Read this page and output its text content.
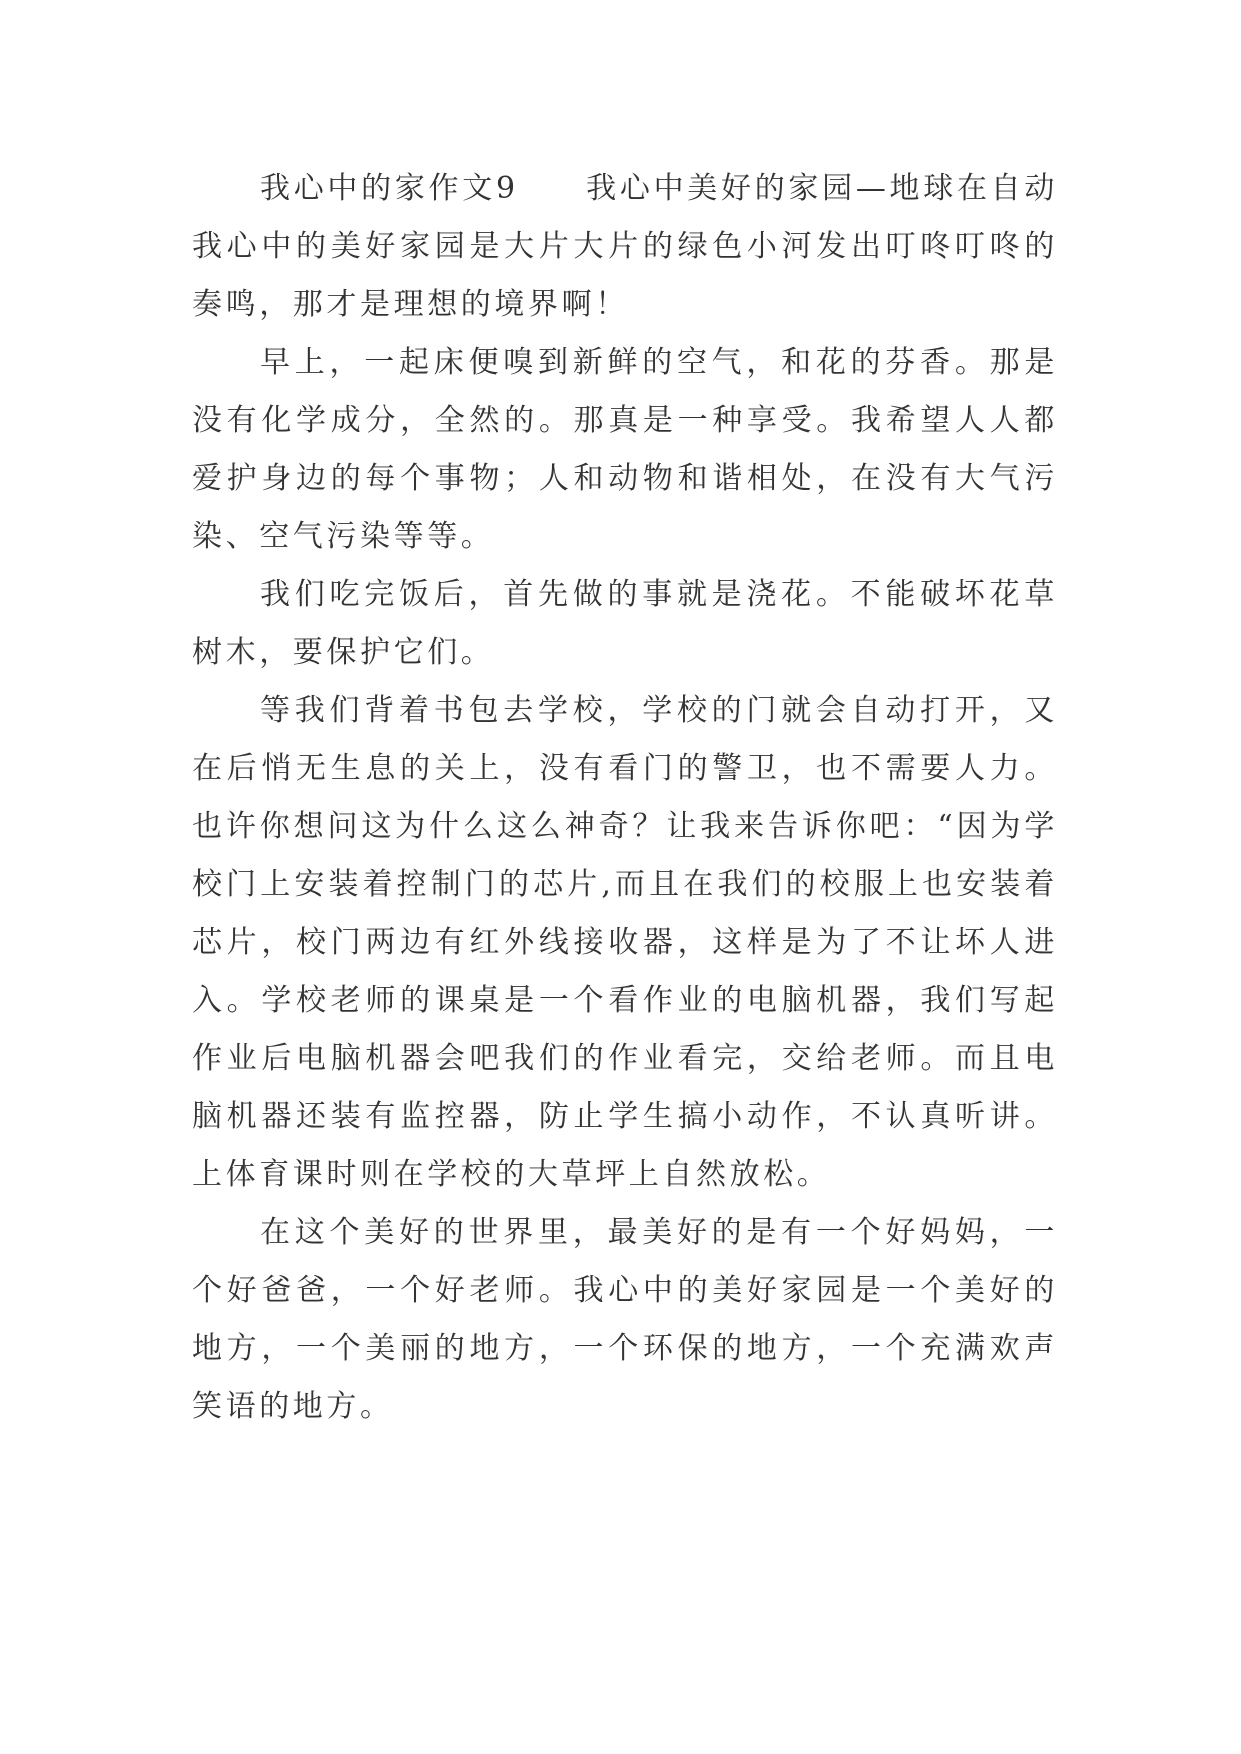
我心中的家作文9　　我心中美好的家园—地球在自动我心中的美好家园是大片大片的绿色小河发出叮咚叮咚的奏鸣，那才是理想的境界啊！

早上，一起床便嗅到新鲜的空气，和花的芬香。那是没有化学成分，全然的。那真是一种享受。我希望人人都爱护身边的每个事物；人和动物和谐相处，在没有大气污染、空气污染等等。

我们吃完饭后，首先做的事就是浇花。不能破坏花草树木，要保护它们。

等我们背着书包去学校，学校的门就会自动打开，又在后悄无生息的关上，没有看门的警卫，也不需要人力。也许你想问这为什么这么神奇？让我来告诉你吧：“因为学校门上安装着控制门的芯片,而且在我们的校服上也安装着芯片，校门两边有红外线接收器，这样是为了不让坏人进入。学校老师的课桌是一个看作业的电脑机器，我们写起作业后电脑机器会吧我们的作业看完，交给老师。而且电脑机器还装有监控器，防止学生搞小动作，不认真听讲。上体育课时则在学校的大草坪上自然放松。

在这个美好的世界里，最美好的是有一个好妈妈，一个好爸爸，一个好老师。我心中的美好家园是一个美好的地方，一个美丽的地方，一个环保的地方，一个充满欢声笑语的地方。
